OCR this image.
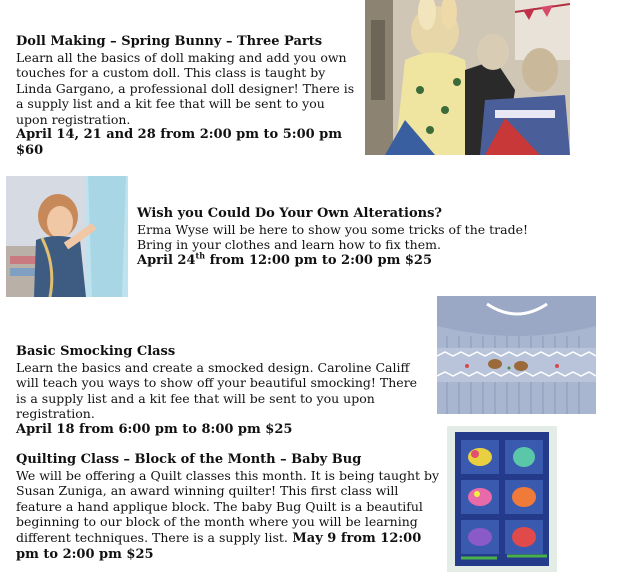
Doll Making – Spring Bunny – Three Parts
Learn all the basics of doll making and add you own touches for a custom doll. This class is taught by Linda Gargano, a professional doll designer! There is a supply list and a kit fee that will be sent to you upon registration.
April 14, 21 and 28 from 2:00 pm to 5:00 pm
$60
Wish you Could Do Your Own Alterations?
Erma Wyse will be here to show you some tricks of the trade! Bring in your clothes and learn how to fix them.
April 24th from 12:00 pm to 2:00 pm $25
Basic Smocking Class
Learn the basics and create a smocked design. Caroline Califf will teach you ways to show off your beautiful smocking! There is a supply list and a kit fee that will be sent to you upon registration.
April 18 from 6:00 pm to 8:00 pm $25
Quilting Class – Block of the Month – Baby Bug
We will be offering a Quilt classes this month. It is being taught by Susan Zuniga, an award winning quilter! This first class will feature a hand applique block. The baby Bug Quilt is a beautiful beginning to our block of the month where you will be learning different techniques. There is a supply list. May 9 from 12:00 pm to 2:00 pm $25
